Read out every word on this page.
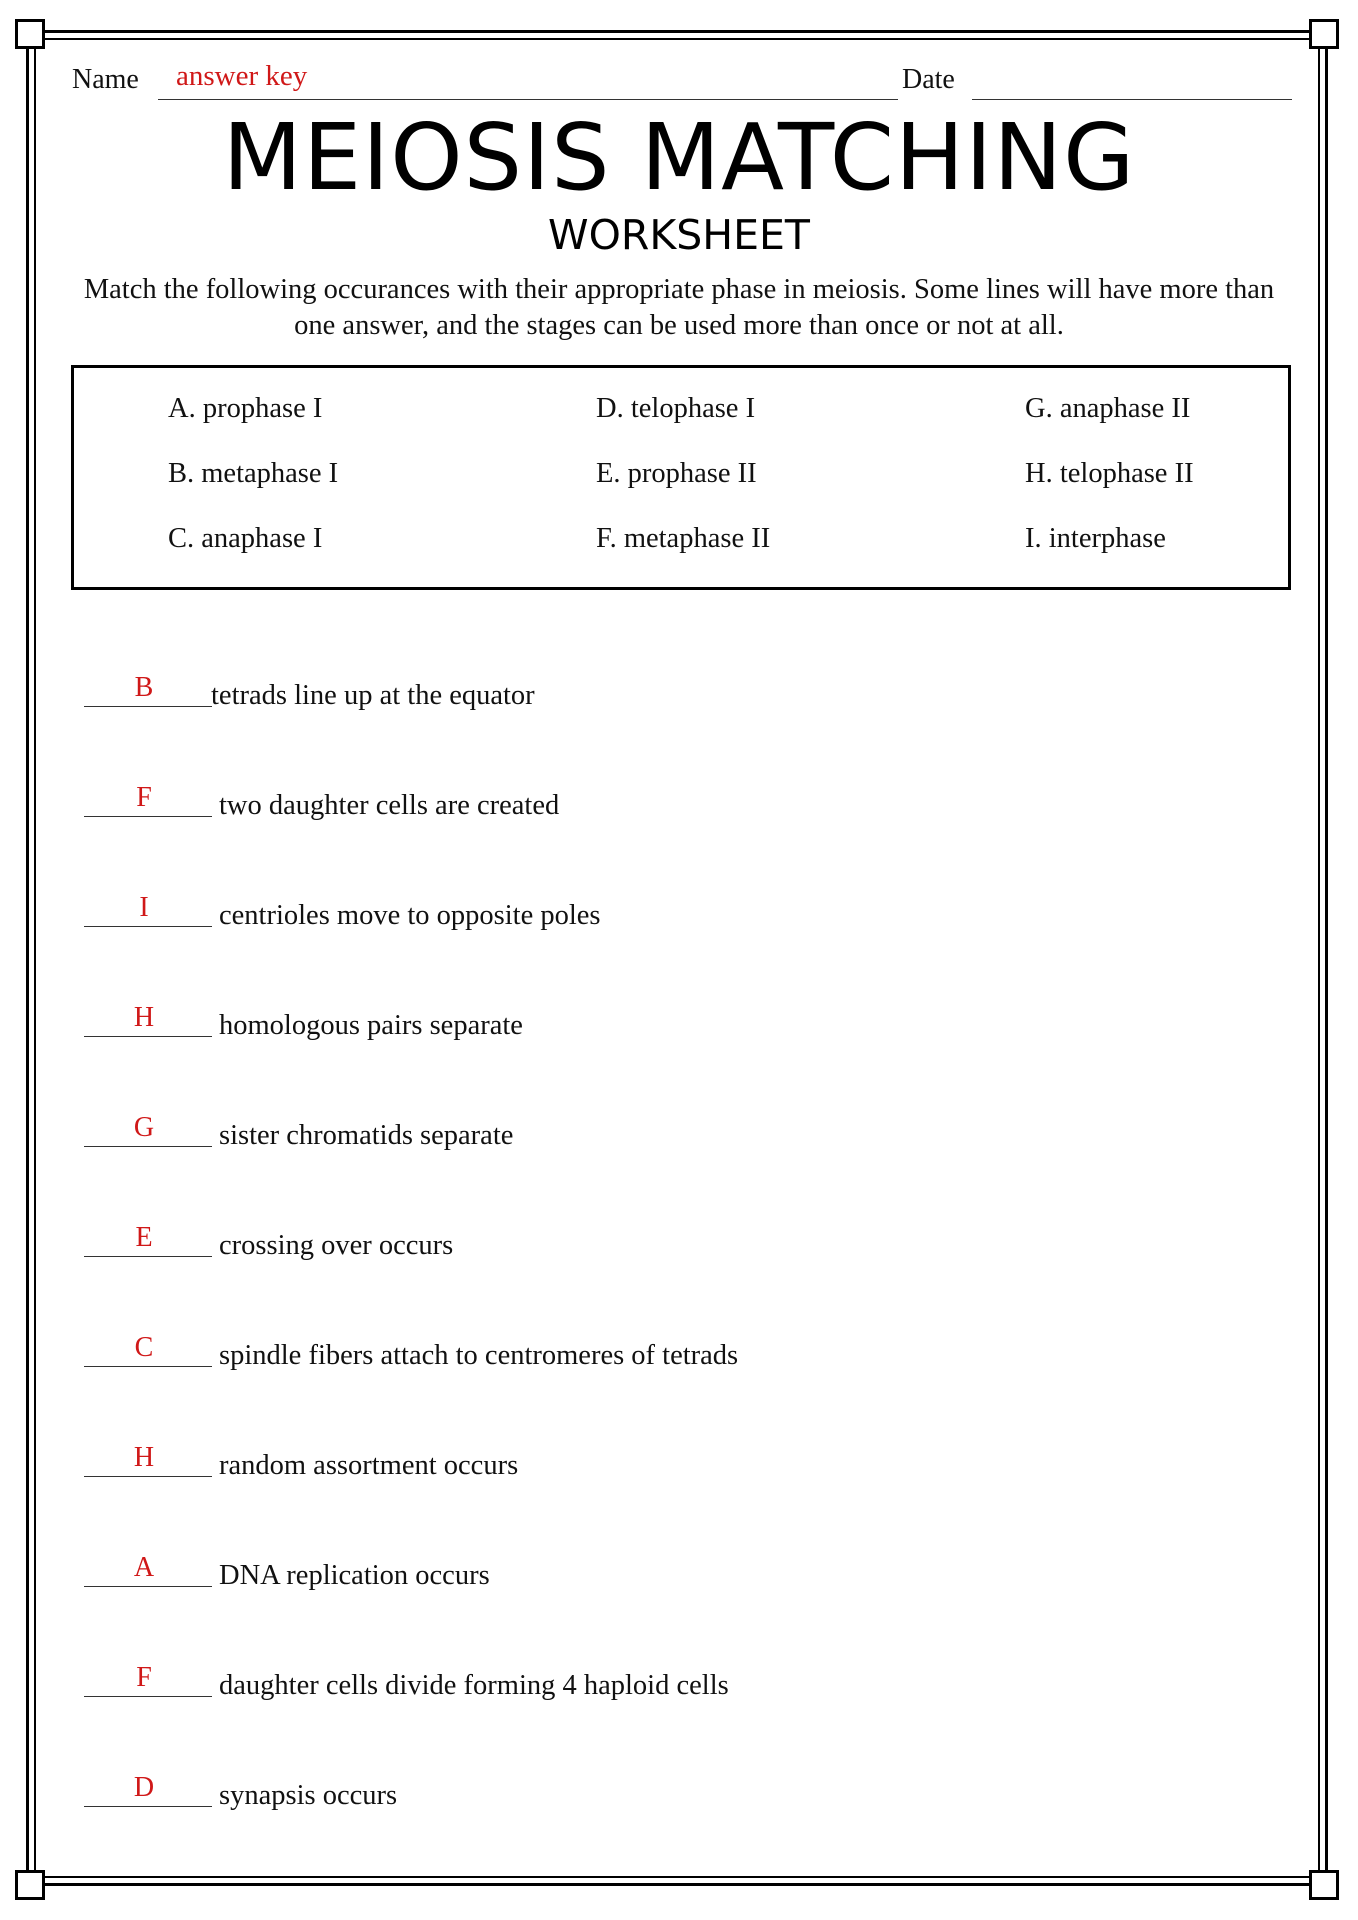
Name answer key	Date
MEIOSIS MATCHING
WORKSHEET
Match the following occurances with their appropriate phase in meiosis. Some lines will have more than one answer, and the stages can be used more than once or not at all.
A. prophase I	D. telophase I	G. anaphase II
B. metaphase I	E. prophase II	H. telophase II
C. anaphase I	F. metaphase II	I. interphase
B	tetrads line up at the equator
F	two daughter cells are created
I	centrioles move to opposite poles
H	homologous pairs separate
G	sister chromatids separate
E	crossing over occurs
C	spindle fibers attach to centromeres of tetrads
H	random assortment occurs
A	DNA replication occurs
F	daughter cells divide forming 4 haploid cells
D	synapsis occurs
